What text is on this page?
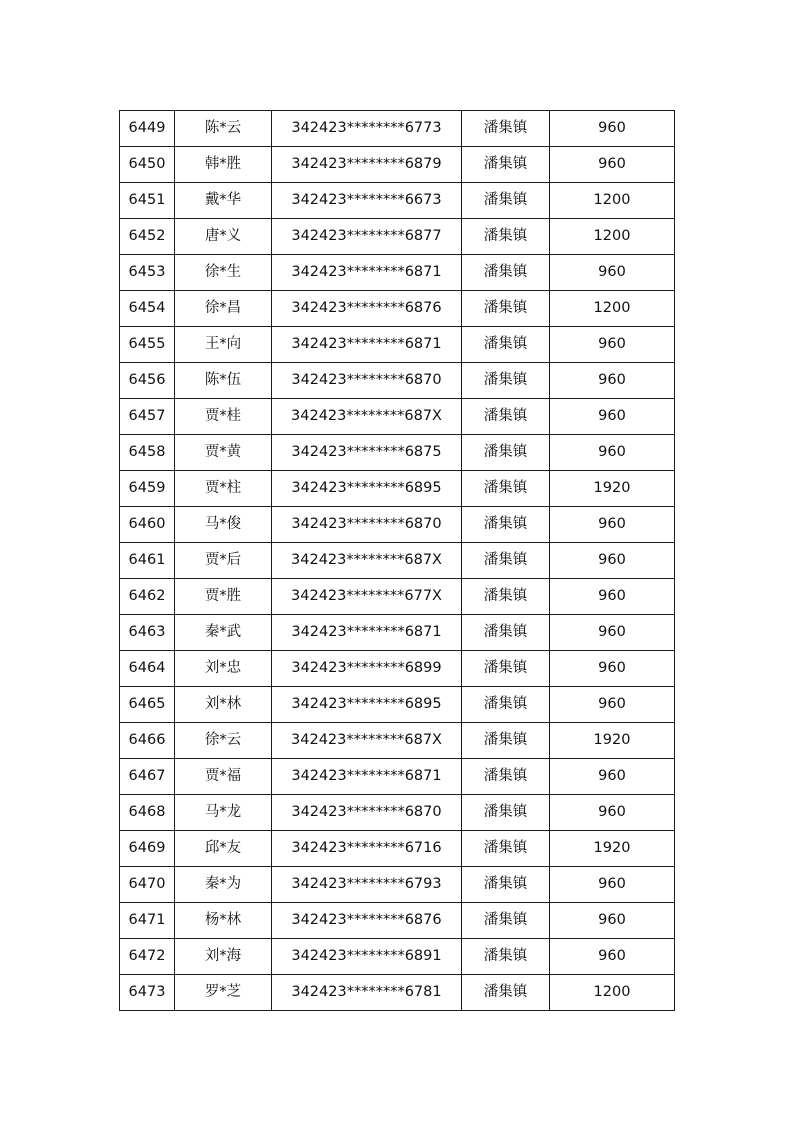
6449	陈*云	342423********6773	潘集镇	960
6450	韩*胜	342423********6879	潘集镇	960
6451	戴*华	342423********6673	潘集镇	1200
6452	唐*义	342423********6877	潘集镇	1200
6453	徐*生	342423********6871	潘集镇	960
6454	徐*昌	342423********6876	潘集镇	1200
6455	王*向	342423********6871	潘集镇	960
6456	陈*伍	342423********6870	潘集镇	960
6457	贾*桂	342423********687X	潘集镇	960
6458	贾*黄	342423********6875	潘集镇	960
6459	贾*柱	342423********6895	潘集镇	1920
6460	马*俊	342423********6870	潘集镇	960
6461	贾*后	342423********687X	潘集镇	960
6462	贾*胜	342423********677X	潘集镇	960
6463	秦*武	342423********6871	潘集镇	960
6464	刘*忠	342423********6899	潘集镇	960
6465	刘*林	342423********6895	潘集镇	960
6466	徐*云	342423********687X	潘集镇	1920
6467	贾*福	342423********6871	潘集镇	960
6468	马*龙	342423********6870	潘集镇	960
6469	邱*友	342423********6716	潘集镇	1920
6470	秦*为	342423********6793	潘集镇	960
6471	杨*林	342423********6876	潘集镇	960
6472	刘*海	342423********6891	潘集镇	960
6473	罗*芝	342423********6781	潘集镇	1200
